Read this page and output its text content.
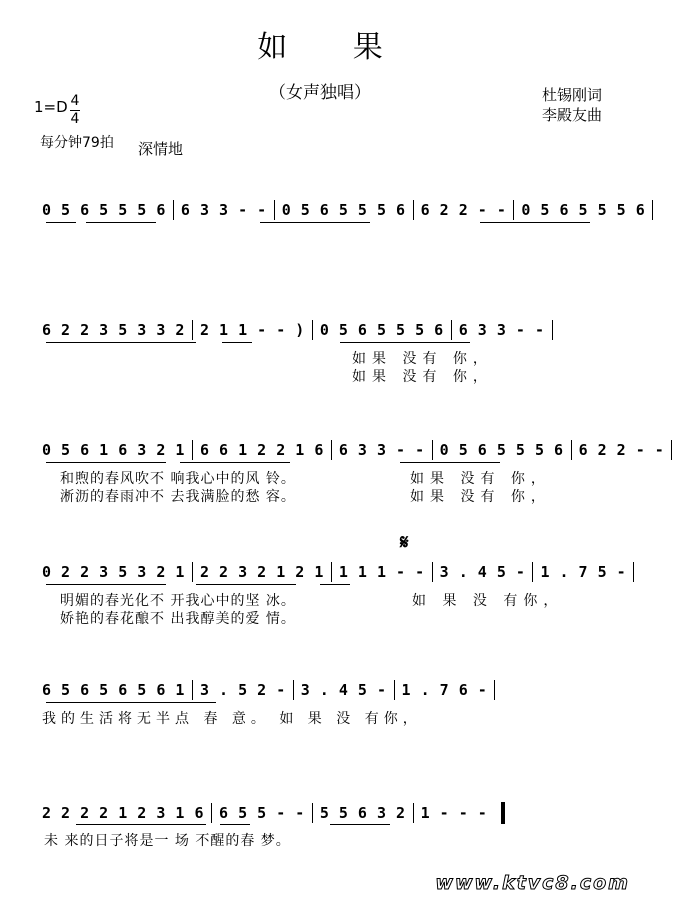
如 果
（女声独唱）
1=D 4
4
每分钟79拍 深情地
杜锡刚词
李殿友曲
0 5 6 5 5 5 6 6 3 3 - - 0 5 6 5 5 5 6 6 2 2 - - 0 5 6 5 5 5 6
6 2 2 3 5 3 3 2 2 1 1 - - ) 0 5 6 5 5 5 6 6 3 3 - -
如果 没有 你，
如果 没有 你，
0 5 6 1 6 3 2 1 6 6 1 2 2 1 6 6 3 3 - - 0 5 6 5 5 5 6 6 2 2 - -
和煦的春风吹不 响我心中的风 铃。
淅沥的春雨冲不 去我满脸的愁 容。
如果 没有 你，
如果 没有 你，
𝄋
0 2 2 3 5 3 2 1 2 2 3 2 1 2 1 1 1 1 - - 3 . 4 5 - 1 . 7 5 -
明媚的春光化不 开我心中的坚 冰。
娇艳的春花酿不 出我醇美的爱 情。
如 果 没 有你，
6 5 6 5 6 5 6 1 3 . 5 2 - 3 . 4 5 - 1 . 7 6 -
我的生活将无半点 春 意。 如 果 没 有你，
2 2 2 2 1 2 3 1 6 6 5 5 - - 5 5 6 3 2 1 - - -
未 来的日子将是一 场 不醒的春 梦。
www.ktvc8.com
